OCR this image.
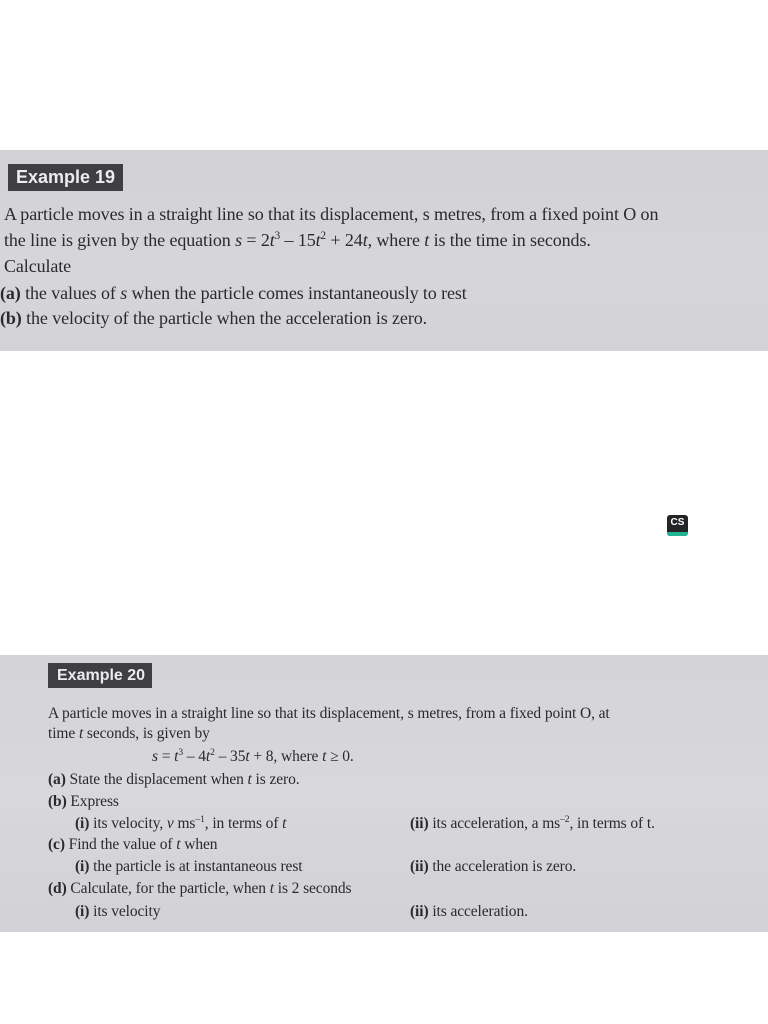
Example 19
A particle moves in a straight line so that its displacement, s metres, from a fixed point O on
the line is given by the equation $s = 2t^3 - 15t^2 + 24t$, where t is the time in seconds.
Calculate
(a) the values of s when the particle comes instantaneously to rest
(b) the velocity of the particle when the acceleration is zero.
CS
Example 20
A particle moves in a straight line so that its displacement, s metres, from a fixed point O, at
time t seconds, is given by
$s = t^3 - 4t^2 - 35t + 8$, where t ≥ 0.
(a) State the displacement when t is zero.
(b) Express
(i) its velocity, v $ms^{-1}$, in terms of t	(ii) its acceleration, a $ms^{-2}$, in terms of t.
(c) Find the value of t when
(i) the particle is at instantaneous rest	(ii) the acceleration is zero.
(d) Calculate, for the particle, when t is 2 seconds
(i) its velocity	(ii) its acceleration.
